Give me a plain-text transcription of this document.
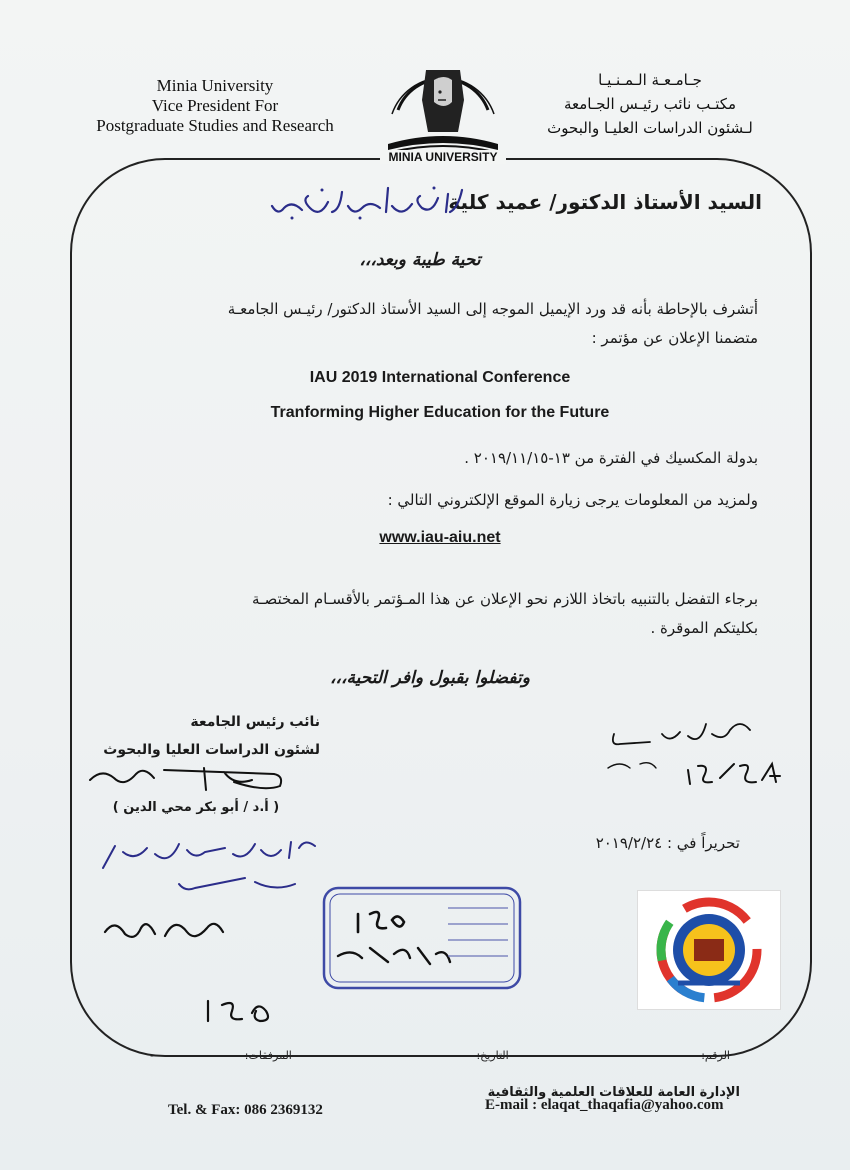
Minia University
Vice President For
Postgraduate Studies and Research
جـامـعـة الـمـنـيـا
مكتـب نائب رئيـس الجـامعة
لـشئون الدراسات العليـا والبحوث
MINIA UNIVERSITY
السيد الأستاذ الدكتور/ عميد كلية
تحية طيبة وبعد،،،
أتشرف بالإحاطة بأنه قد ورد الإيميل الموجه إلى السيد الأستاذ الدكتور/ رئيـس الجامعـة
متضمنا الإعلان عن مؤتمر :
IAU 2019 International Conference
Tranforming Higher Education for the Future
بدولة المكسيك في الفترة من ١٣-٢٠١٩/١١/١٥ .
ولمزيد من المعلومات يرجى زيارة الموقع الإلكتروني التالي :
www.iau-aiu.net
برجاء التفضل بالتنبيه باتخاذ اللازم نحو الإعلان عن هذا المـؤتمر بالأقسـام المختصـة
بكليتكم الموقرة .
وتفضلوا بقبول وافر التحية،،،
نائب رئيس الجامعة
لشئون الدراسات العليا والبحوث
( أ.د / أبو بكر محي الدين )
تحريراً في : ٢٠١٩/٢/٢٤
الرقم: ------------------------
التاريخ: ----------------------
المرفقات: -----------------------
الإدارة العامة للعلاقات العلمية والثقافية
Tel. & Fax: 086 2369132	E-mail : elaqat_thaqafia@yahoo.com
